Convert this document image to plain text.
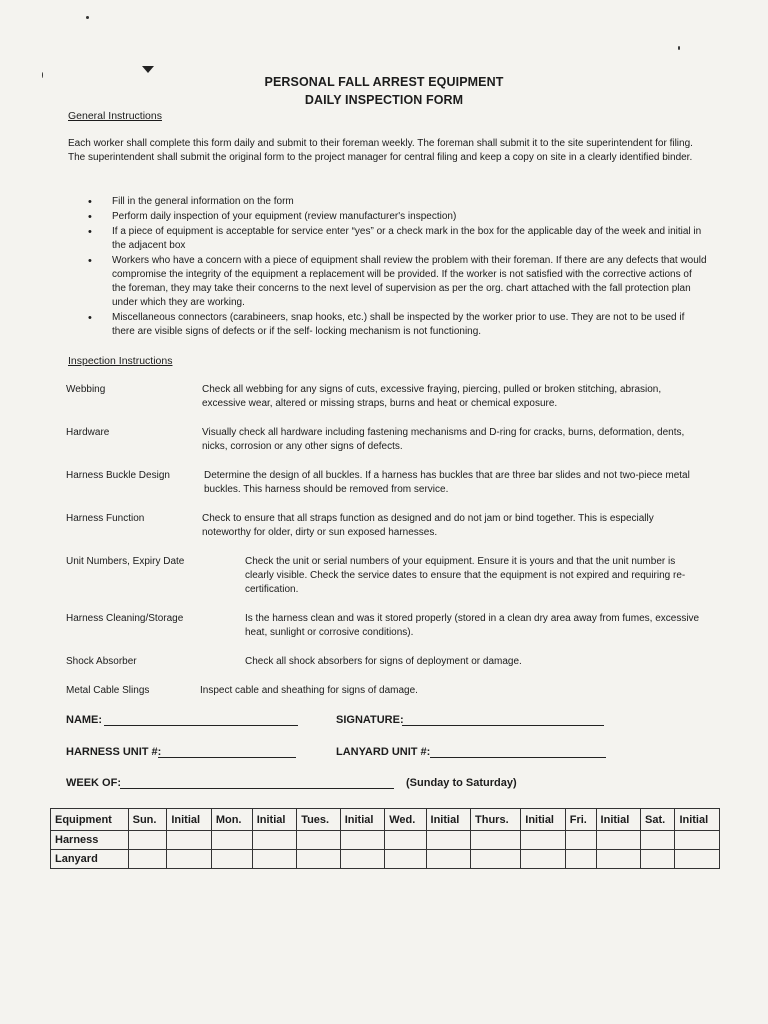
PERSONAL FALL ARREST EQUIPMENT
DAILY INSPECTION FORM
General Instructions
Each worker shall complete this form daily and submit to their foreman weekly. The foreman shall submit it to the site superintendent for filing. The superintendent shall submit the original form to the project manager for central filing and keep a copy on site in a clearly identified binder.
• Fill in the general information on the form
• Perform daily inspection of your equipment (review manufacturer's inspection)
• If a piece of equipment is acceptable for service enter “yes” or a check mark in the box for the applicable day of the week and initial in the adjacent box
• Workers who have a concern with a piece of equipment shall review the problem with their foreman. If there are any defects that would compromise the integrity of the equipment a replacement will be provided. If the worker is not satisfied with the corrective actions of the foreman, they may take their concerns to the next level of supervision as per the org. chart attached with the fall protection plan under which they are working.
• Miscellaneous connectors (carabineers, snap hooks, etc.) shall be inspected by the worker prior to use. They are not to be used if there are visible signs of defects or if the self- locking mechanism is not functioning.
Inspection Instructions
Webbing	Check all webbing for any signs of cuts, excessive fraying, piercing, pulled or broken stitching, abrasion, excessive wear, altered or missing straps, burns and heat or chemical exposure.
Hardware	Visually check all hardware including fastening mechanisms and D-ring for cracks, burns, deformation, dents, nicks, corrosion or any other signs of defects.
Harness Buckle Design	Determine the design of all buckles. If a harness has buckles that are three bar slides and not two-piece metal buckles. This harness should be removed from service.
Harness Function	Check to ensure that all straps function as designed and do not jam or bind together. This is especially noteworthy for older, dirty or sun exposed harnesses.
Unit Numbers, Expiry Date	Check the unit or serial numbers of your equipment. Ensure it is yours and that the unit number is clearly visible. Check the service dates to ensure that the equipment is not expired and requiring re-certification.
Harness Cleaning/Storage	Is the harness clean and was it stored properly (stored in a clean dry area away from fumes, excessive heat, sunlight or corrosive conditions).
Shock Absorber	Check all shock absorbers for signs of deployment or damage.
Metal Cable Slings	Inspect cable and sheathing for signs of damage.
NAME:	SIGNATURE:
HARNESS UNIT #:	LANYARD UNIT #:
WEEK OF:	(Sunday to Saturday)
Equipment	Sun.	Initial	Mon.	Initial	Tues.	Initial	Wed.	Initial	Thurs.	Initial	Fri.	Initial	Sat.	Initial
Harness														
Lanyard														
